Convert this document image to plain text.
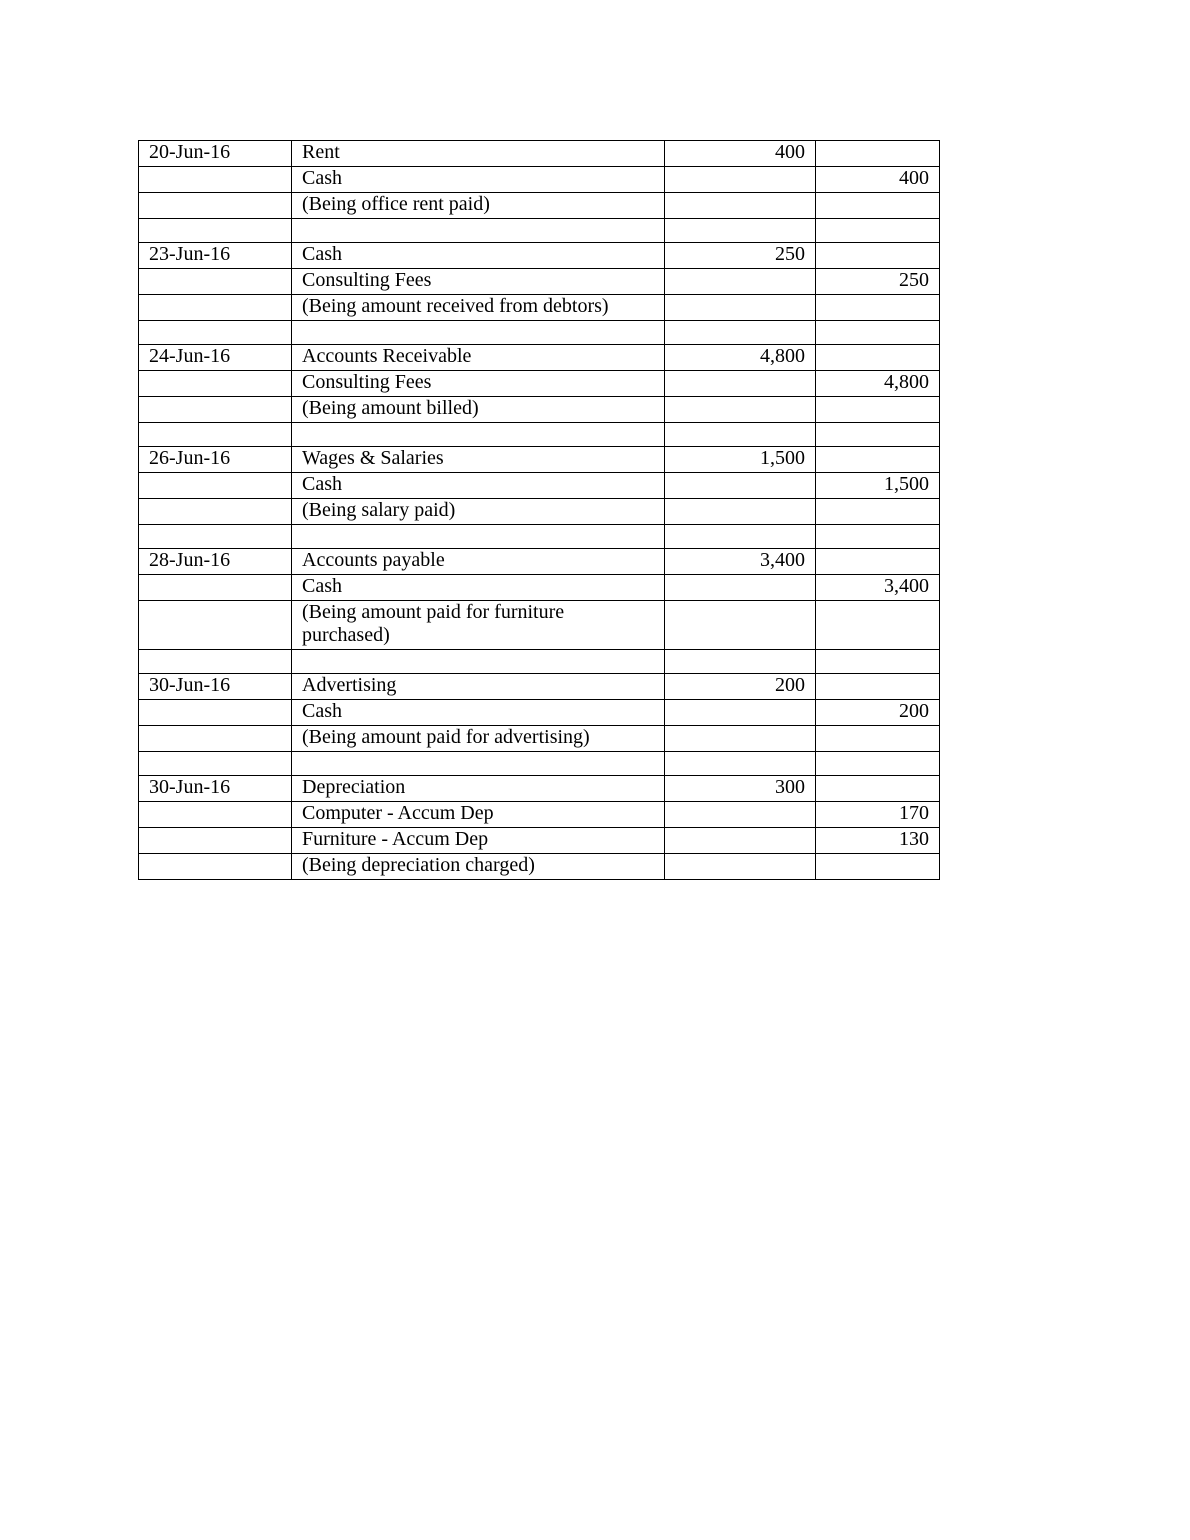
20-Jun-16	Rent	400	
	Cash		400
	(Being office rent paid)		

23-Jun-16	Cash	250	
	Consulting Fees		250
	(Being amount received from debtors)		

24-Jun-16	Accounts Receivable	4,800	
	Consulting Fees		4,800
	(Being amount billed)		

26-Jun-16	Wages & Salaries	1,500	
	Cash		1,500
	(Being salary paid)		

28-Jun-16	Accounts payable	3,400	
	Cash		3,400
	(Being amount paid for furniture purchased)		

30-Jun-16	Advertising	200	
	Cash		200
	(Being amount paid for advertising)		

30-Jun-16	Depreciation	300	
	Computer - Accum Dep		170
	Furniture - Accum Dep		130
	(Being depreciation charged)		
